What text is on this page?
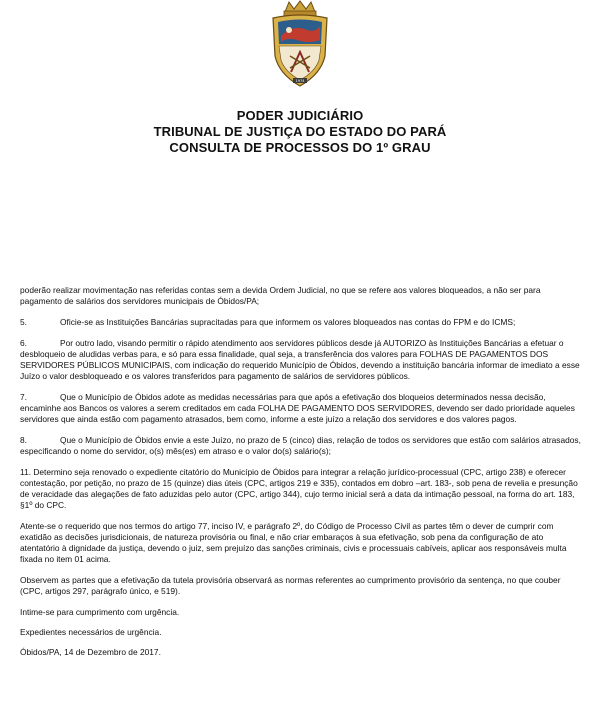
1974
PODER JUDICIÁRIO
TRIBUNAL DE JUSTIÇA DO ESTADO DO PARÁ
CONSULTA DE PROCESSOS DO 1º GRAU

poderão realizar movimentação nas referidas contas sem a devida Ordem Judicial, no que se refere aos valores bloqueados, a não ser para pagamento de salários dos servidores municipais de Óbidos/PA;

5.	Oficie-se as Instituições Bancárias supracitadas para que informem os valores bloqueados nas contas do FPM e do ICMS;

6.	Por outro lado, visando permitir o rápido atendimento aos servidores públicos desde já AUTORIZO às Instituições Bancárias a efetuar o desbloqueio de aludidas verbas para, e só para essa finalidade, qual seja, a transferência dos valores para FOLHAS DE PAGAMENTOS DOS SERVIDORES PÚBLICOS MUNICIPAIS, com indicação do requerido Município de Óbidos, devendo a instituição bancária informar de imediato a esse Juízo o valor desbloqueado e os valores transferidos para pagamento de salários de servidores públicos.

7.	Que o Município de Óbidos adote as medidas necessárias para que após a efetivação dos bloqueios determinados nessa decisão, encaminhe aos Bancos os valores a serem creditados em cada FOLHA DE PAGAMENTO DOS SERVIDORES, devendo ser dado prioridade aqueles servidores que ainda estão com pagamento atrasados, bem como, informe a este juízo a relação dos servidores e dos valores pagos.

8.	Que o Município de Óbidos envie a este Juízo, no prazo de 5 (cinco) dias, relação de todos os servidores que estão com salários atrasados, especificando o nome do servidor, o(s) mês(es) em atraso e o valor do(s) salário(s);

11. Determino seja renovado o expediente citatório do Município de Óbidos para integrar a relação jurídico-processual (CPC, artigo 238) e oferecer contestação, por petição, no prazo de 15 (quinze) dias úteis (CPC, artigos 219 e 335), contados em dobro –art. 183-, sob pena de revelia e presunção de veracidade das alegações de fato aduzidas pelo autor (CPC, artigo 344), cujo termo inicial será a data da intimação pessoal, na forma do art. 183, §1º do CPC.

Atente-se o requerido que nos termos do artigo 77, inciso IV, e parágrafo 2º, do Código de Processo Civil as partes têm o dever de cumprir com exatidão as decisões jurisdicionais, de natureza provisória ou final, e não criar embaraços à sua efetivação, sob pena da configuração de ato atentatório à dignidade da justiça, devendo o juiz, sem prejuízo das sanções criminais, civis e processuais cabíveis, aplicar aos responsáveis multa fixada no item 01 acima.

Observem as partes que a efetivação da tutela provisória observará as normas referentes ao cumprimento provisório da sentença, no que couber (CPC, artigos 297, parágrafo único, e 519).

Intime-se para cumprimento com urgência.

Expedientes necessários de urgência.

Óbidos/PA, 14 de Dezembro de 2017.
